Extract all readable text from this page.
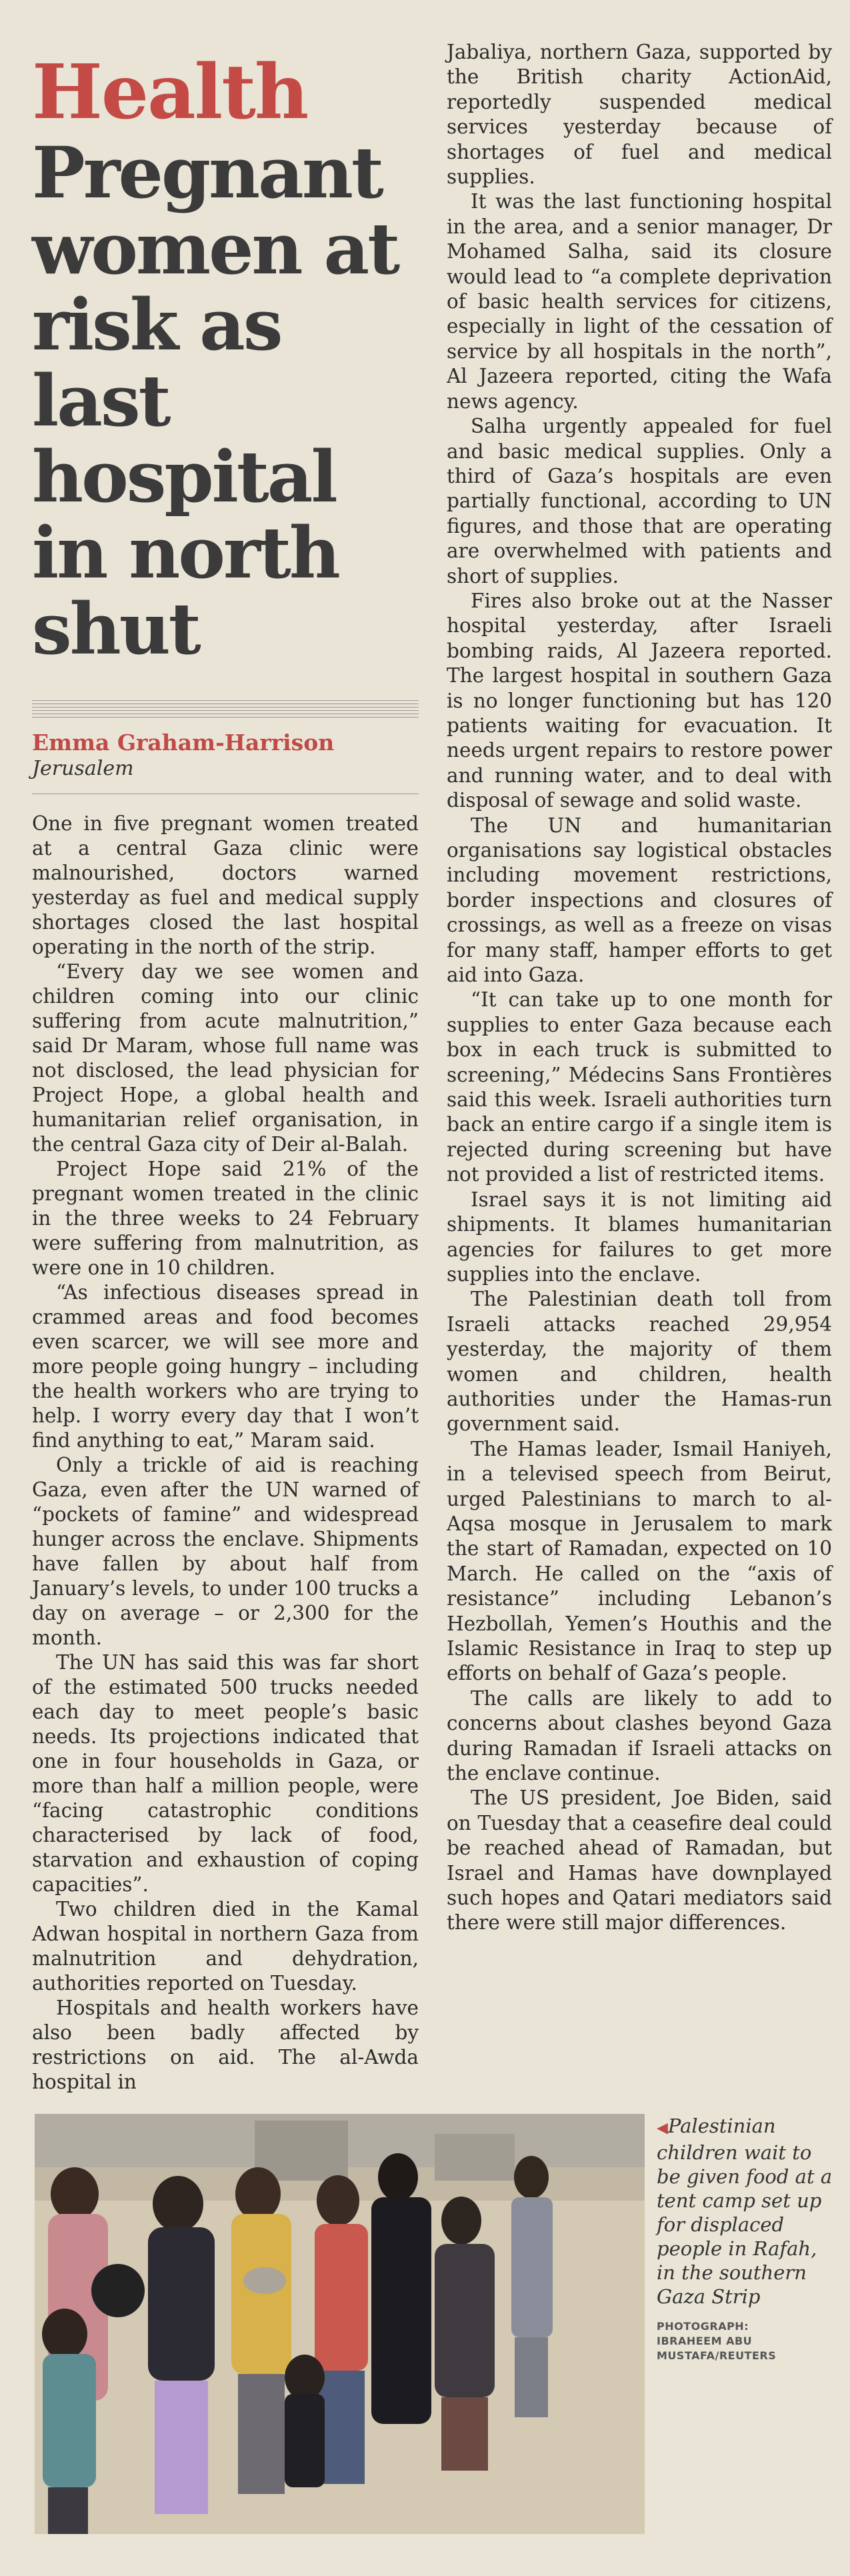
Health
Pregnant women at risk as last hospital in north shut
Emma Graham-Harrison
Jerusalem

One in five pregnant women treated at a central Gaza clinic were malnourished, doctors warned yesterday as fuel and medical supply shortages closed the last hospital operating in the north of the strip.

“Every day we see women and children coming into our clinic suffering from acute malnutrition,” said Dr Maram, whose full name was not disclosed, the lead physician for Project Hope, a global health and humanitarian relief organisation, in the central Gaza city of Deir al-Balah.

Project Hope said 21% of the pregnant women treated in the clinic in the three weeks to 24 February were suffering from malnutrition, as were one in 10 children.

“As infectious diseases spread in crammed areas and food becomes even scarcer, we will see more and more people going hungry – including the health workers who are trying to help. I worry every day that I won’t find anything to eat,” Maram said.

Only a trickle of aid is reaching Gaza, even after the UN warned of “pockets of famine” and widespread hunger across the enclave. Shipments have fallen by about half from January’s levels, to under 100 trucks a day on average – or 2,300 for the month.

The UN has said this was far short of the estimated 500 trucks needed each day to meet people’s basic needs. Its projections indicated that one in four households in Gaza, or more than half a million people, were “facing catastrophic conditions characterised by lack of food, starvation and exhaustion of coping capacities”.

Two children died in the Kamal Adwan hospital in northern Gaza from malnutrition and dehydration, authorities reported on Tuesday.

Hospitals and health workers have also been badly affected by restrictions on aid. The al-Awda hospital in

Jabaliya, northern Gaza, supported by the British charity ActionAid, reportedly suspended medical services yesterday because of shortages of fuel and medical supplies.

It was the last functioning hospital in the area, and a senior manager, Dr Mohamed Salha, said its closure would lead to “a complete deprivation of basic health services for citizens, especially in light of the cessation of service by all hospitals in the north”, Al Jazeera reported, citing the Wafa news agency.

Salha urgently appealed for fuel and basic medical supplies. Only a third of Gaza’s hospitals are even partially functional, according to UN figures, and those that are operating are overwhelmed with patients and short of supplies.

Fires also broke out at the Nasser hospital yesterday, after Israeli bombing raids, Al Jazeera reported. The largest hospital in southern Gaza is no longer functioning but has 120 patients waiting for evacuation. It needs urgent repairs to restore power and running water, and to deal with disposal of sewage and solid waste.

The UN and humanitarian organisations say logistical obstacles including movement restrictions, border inspections and closures of crossings, as well as a freeze on visas for many staff, hamper efforts to get aid into Gaza.

“It can take up to one month for supplies to enter Gaza because each box in each truck is submitted to screening,” Médecins Sans Frontières said this week. Israeli authorities turn back an entire cargo if a single item is rejected during screening but have not provided a list of restricted items.

Israel says it is not limiting aid shipments. It blames humanitarian agencies for failures to get more supplies into the enclave.

The Palestinian death toll from Israeli attacks reached 29,954 yesterday, the majority of them women and children, health authorities under the Hamas-run government said.

The Hamas leader, Ismail Haniyeh, in a televised speech from Beirut, urged Palestinians to march to al-Aqsa mosque in Jerusalem to mark the start of Ramadan, expected on 10 March. He called on the “axis of resistance” including Lebanon’s Hezbollah, Yemen’s Houthis and the Islamic Resistance in Iraq to step up efforts on behalf of Gaza’s people.

The calls are likely to add to concerns about clashes beyond Gaza during Ramadan if Israeli attacks on the enclave continue.

The US president, Joe Biden, said on Tuesday that a ceasefire deal could be reached ahead of Ramadan, but Israel and Hamas have downplayed such hopes and Qatari mediators said there were still major differences.

◀Palestinian children wait to be given food at a tent camp set up for displaced people in Rafah, in the southern Gaza Strip

PHOTOGRAPH:
IBRAHEEM ABU MUSTAFA/REUTERS
